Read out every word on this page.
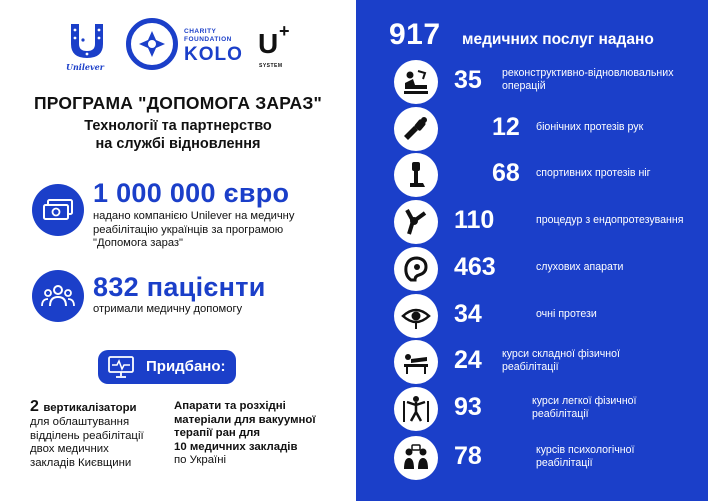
Unilever
CHARITY FOUNDATION
KOLO U +
SYSTEM
ПРОГРАМА "ДОПОМОГА ЗАРАЗ"
Технології та партнерство
на службі відновлення
1 000 000 євро
надано компанією Unilever на медичну
реабілітацію українців за програмою
"Допомога зараз"
832 пацієнти
отримали медичну допомогу
Придбано:
2 вертикалізатори
для облаштування
відділень реабілітації
двох медичних
закладів Києвщини
Апарати та розхідні
матеріали для вакуумної
терапії ран для
10 медичних закладів
по Україні
917 медичних послуг надано
35 реконструктивно-відновлювальних
операцій
12 біонічних протезів рук
68 спортивних протезів ніг
110	процедур з ендопротезування
463	слухових апарати
34	очні протези
24 курси складної фізичної
реабілітації
93	курси легкої фізичної
реабілітації
78	курсів психологічної
реабілітації
